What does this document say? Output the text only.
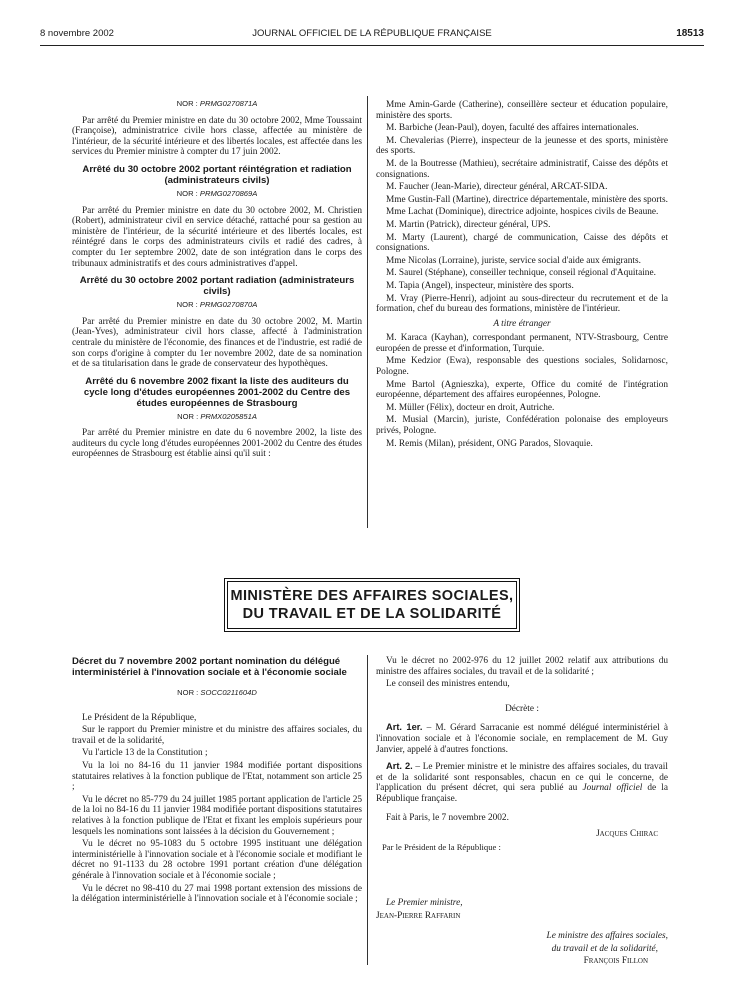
8 novembre 2002	JOURNAL OFFICIEL DE LA RÉPUBLIQUE FRANÇAISE	18513

NOR : PRMG0270871A

Par arrêté du Premier ministre en date du 30 octobre 2002, Mme Toussaint (Françoise), administratrice civile hors classe, affectée au ministère de l'intérieur, de la sécurité intérieure et des libertés locales, est affectée dans les services du Premier ministre à compter du 17 juin 2002.

Arrêté du 30 octobre 2002 portant réintégration et radiation (administrateurs civils)

NOR : PRMG0270869A

Par arrêté du Premier ministre en date du 30 octobre 2002, M. Christien (Robert), administrateur civil en service détaché, rattaché pour sa gestion au ministère de l'intérieur, de la sécurité intérieure et des libertés locales, est réintégré dans le corps des administrateurs civils et radié des cadres, à compter du 1er septembre 2002, date de son intégration dans le corps des tribunaux administratifs et des cours administratives d'appel.

Arrêté du 30 octobre 2002 portant radiation (administrateurs civils)

NOR : PRMG0270870A

Par arrêté du Premier ministre en date du 30 octobre 2002, M. Martin (Jean-Yves), administrateur civil hors classe, affecté à l'administration centrale du ministère de l'économie, des finances et de l'industrie, est radié de son corps d'origine à compter du 1er novembre 2002, date de sa nomination et de sa titularisation dans le grade de conservateur des hypothèques.

Arrêté du 6 novembre 2002 fixant la liste des auditeurs du cycle long d'études européennes 2001-2002 du Centre des études européennes de Strasbourg

NOR : PRMX0205851A

Par arrêté du Premier ministre en date du 6 novembre 2002, la liste des auditeurs du cycle long d'études européennes 2001-2002 du Centre des études européennes de Strasbourg est établie ainsi qu'il suit :

Mme Amin-Garde (Catherine), conseillère secteur et éducation populaire, ministère des sports.

M. Barbiche (Jean-Paul), doyen, faculté des affaires internationales.

M. Chevalerias (Pierre), inspecteur de la jeunesse et des sports, ministère des sports.

M. de la Boutresse (Mathieu), secrétaire administratif, Caisse des dépôts et consignations.

M. Faucher (Jean-Marie), directeur général, ARCAT-SIDA.

Mme Gustin-Fall (Martine), directrice départementale, ministère des sports.

Mme Lachat (Dominique), directrice adjointe, hospices civils de Beaune.

M. Martin (Patrick), directeur général, UPS.

M. Marty (Laurent), chargé de communication, Caisse des dépôts et consignations.

Mme Nicolas (Lorraine), juriste, service social d'aide aux émigrants.

M. Saurel (Stéphane), conseiller technique, conseil régional d'Aquitaine.

M. Tapia (Angel), inspecteur, ministère des sports.

M. Vray (Pierre-Henri), adjoint au sous-directeur du recrutement et de la formation, chef du bureau des formations, ministère de l'intérieur.

A titre étranger

M. Karaca (Kayhan), correspondant permanent, NTV-Strasbourg, Centre européen de presse et d'information, Turquie.

Mme Kedzior (Ewa), responsable des questions sociales, Solidarnosc, Pologne.

Mme Bartol (Agnieszka), experte, Office du comité de l'intégration européenne, département des affaires européennes, Pologne.

M. Müller (Félix), docteur en droit, Autriche.

M. Musial (Marcin), juriste, Confédération polonaise des employeurs privés, Pologne.

M. Remis (Milan), président, ONG Parados, Slovaquie.

MINISTÈRE DES AFFAIRES SOCIALES,
DU TRAVAIL ET DE LA SOLIDARITÉ

Décret du 7 novembre 2002 portant nomination du délégué interministériel à l'innovation sociale et à l'économie sociale

NOR : SOCC0211604D

Le Président de la République,

Sur le rapport du Premier ministre et du ministre des affaires sociales, du travail et de la solidarité,

Vu l'article 13 de la Constitution ;

Vu la loi no 84-16 du 11 janvier 1984 modifiée portant dispositions statutaires relatives à la fonction publique de l'Etat, notamment son article 25 ;

Vu le décret no 85-779 du 24 juillet 1985 portant application de l'article 25 de la loi no 84-16 du 11 janvier 1984 modifiée portant dispositions statutaires relatives à la fonction publique de l'Etat et fixant les emplois supérieurs pour lesquels les nominations sont laissées à la décision du Gouvernement ;

Vu le décret no 95-1083 du 5 octobre 1995 instituant une délégation interministérielle à l'innovation sociale et à l'économie sociale et modifiant le décret no 91-1133 du 28 octobre 1991 portant création d'une délégation générale à l'innovation sociale et à l'économie sociale ;

Vu le décret no 98-410 du 27 mai 1998 portant extension des missions de la délégation interministérielle à l'innovation sociale et à l'économie sociale ;

Vu le décret no 2002-976 du 12 juillet 2002 relatif aux attributions du ministre des affaires sociales, du travail et de la solidarité ;

Le conseil des ministres entendu,

Décrète :

Art. 1er. – M. Gérard Sarracanie est nommé délégué interministériel à l'innovation sociale et à l'économie sociale, en remplacement de M. Guy Janvier, appelé à d'autres fonctions.

Art. 2. – Le Premier ministre et le ministre des affaires sociales, du travail et de la solidarité sont responsables, chacun en ce qui le concerne, de l'application du présent décret, qui sera publié au Journal officiel de la République française.

Fait à Paris, le 7 novembre 2002.

Jacques Chirac

Par le Président de la République :

Le Premier ministre,

Jean-Pierre Raffarin

Le ministre des affaires sociales,

du travail et de la solidarité,

François Fillon
